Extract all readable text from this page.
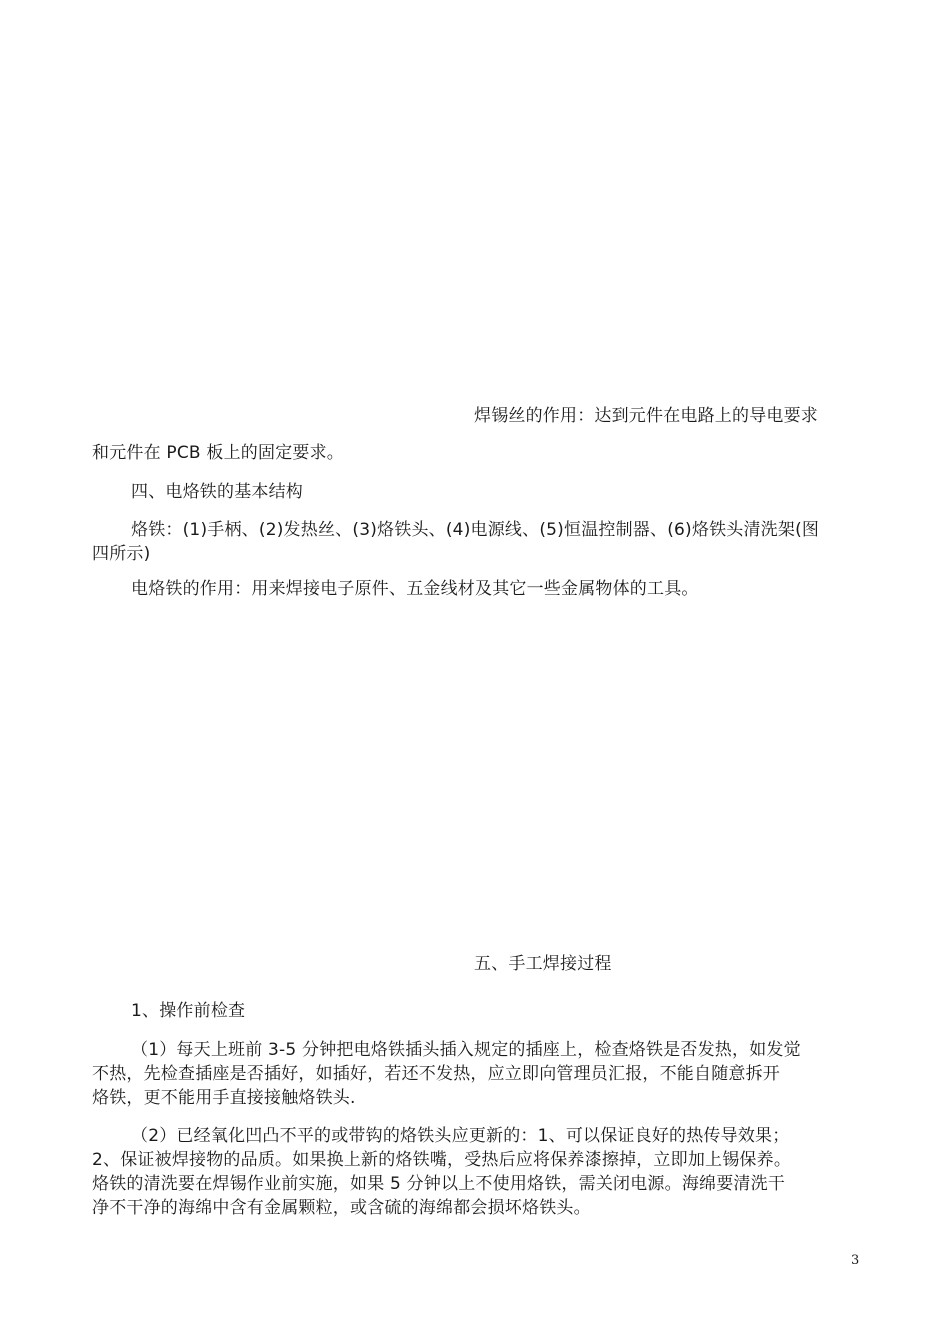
焊锡丝的作用：达到元件在电路上的导电要求
和元件在 PCB 板上的固定要求。
四、电烙铁的基本结构
烙铁：(1)手柄、(2)发热丝、(3)烙铁头、(4)电源线、(5)恒温控制器、(6)烙铁头清洗架(图
四所示)
电烙铁的作用：用来焊接电子原件、五金线材及其它一些金属物体的工具。
五、手工焊接过程
1、操作前检查
（1）每天上班前 3-5 分钟把电烙铁插头插入规定的插座上，检查烙铁是否发热，如发觉
不热，先检查插座是否插好，如插好，若还不发热，应立即向管理员汇报，不能自随意拆开
烙铁，更不能用手直接接触烙铁头.
（2）已经氧化凹凸不平的或带钩的烙铁头应更新的：1、可以保证良好的热传导效果；
2、保证被焊接物的品质。如果换上新的烙铁嘴，受热后应将保养漆擦掉，立即加上锡保养。
烙铁的清洗要在焊锡作业前实施，如果 5 分钟以上不使用烙铁，需关闭电源。海绵要清洗干
净不干净的海绵中含有金属颗粒，或含硫的海绵都会损坏烙铁头。
3
